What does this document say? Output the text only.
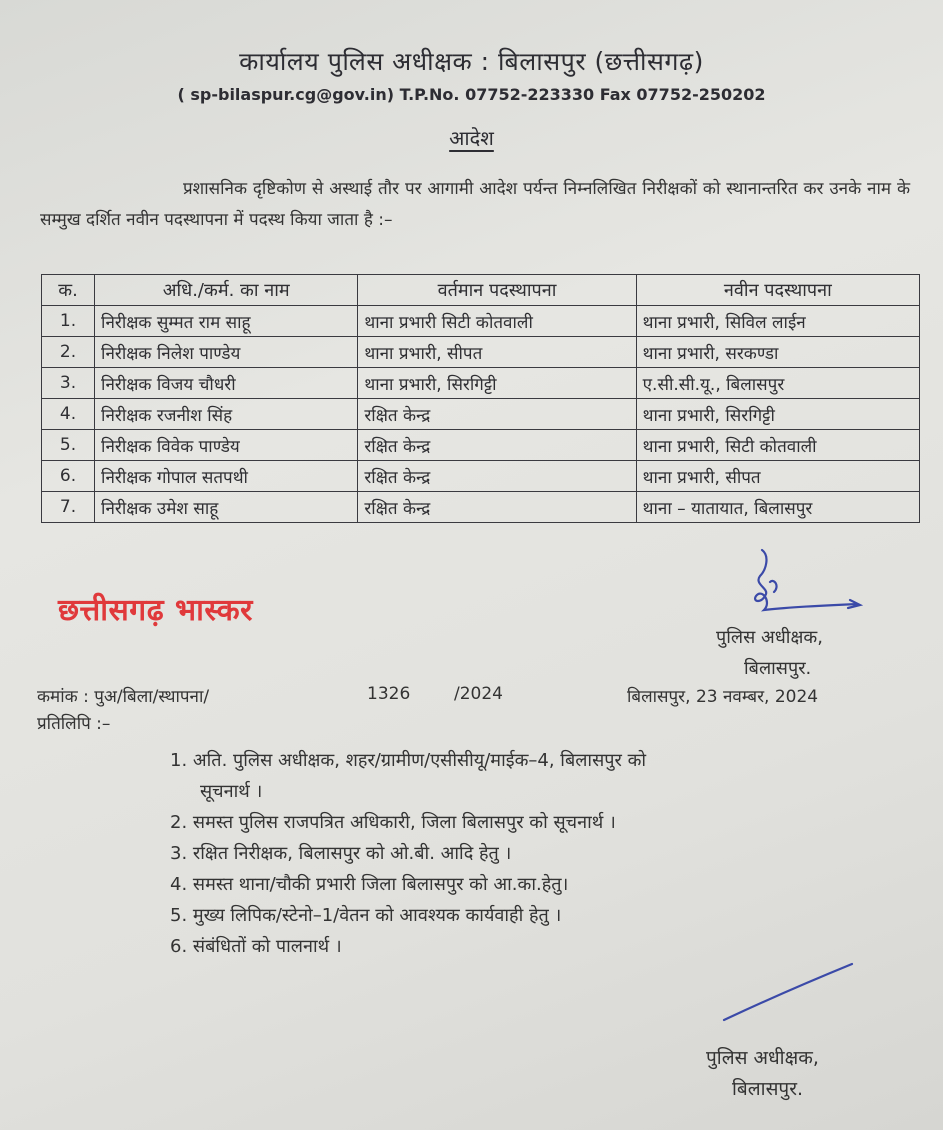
कार्यालय पुलिस अधीक्षक : बिलासपुर (छत्तीसगढ़)
( sp-bilaspur.cg@gov.in) T.P.No. 07752-223330 Fax 07752-250202
आदेश
प्रशासनिक दृष्टिकोण से अस्थाई तौर पर आगामी आदेश पर्यन्त निम्नलिखित निरीक्षकों को स्थानान्तरित कर उनके नाम के सम्मुख दर्शित नवीन पदस्थापना में पदस्थ किया जाता है :–
क.	अधि./कर्म. का नाम	वर्तमान पदस्थापना	नवीन पदस्थापना
1.	निरीक्षक सुम्मत राम साहू	थाना प्रभारी सिटी कोतवाली	थाना प्रभारी, सिविल लाईन
2.	निरीक्षक निलेश पाण्डेय	थाना प्रभारी, सीपत	थाना प्रभारी, सरकण्डा
3.	निरीक्षक विजय चौधरी	थाना प्रभारी, सिरगिट्टी	ए.सी.सी.यू., बिलासपुर
4.	निरीक्षक रजनीश सिंह	रक्षित केन्द्र	थाना प्रभारी, सिरगिट्टी
5.	निरीक्षक विवेक पाण्डेय	रक्षित केन्द्र	थाना प्रभारी, सिटी कोतवाली
6.	निरीक्षक गोपाल सतपथी	रक्षित केन्द्र	थाना प्रभारी, सीपत
7.	निरीक्षक उमेश साहू	रक्षित केन्द्र	थाना – यातायात, बिलासपुर
छत्तीसगढ़ भास्कर
पुलिस अधीक्षक,
बिलासपुर.
कमांक : पुअ/बिला/स्थापना/	1326	/2024	बिलासपुर, 23 नवम्बर, 2024
प्रतिलिपि :–
1. अति. पुलिस अधीक्षक, शहर/ग्रामीण/एसीसीयू/माईक–4, बिलासपुर को
सूचनार्थ ।
2. समस्त पुलिस राजपत्रित अधिकारी, जिला बिलासपुर को सूचनार्थ ।
3. रक्षित निरीक्षक, बिलासपुर को ओ.बी. आदि हेतु ।
4. समस्त थाना/चौकी प्रभारी जिला बिलासपुर को आ.का.हेतु।
5. मुख्य लिपिक/स्टेनो–1/वेतन को आवश्यक कार्यवाही हेतु ।
6. संबंधितों को पालनार्थ ।
पुलिस अधीक्षक,
बिलासपुर.
